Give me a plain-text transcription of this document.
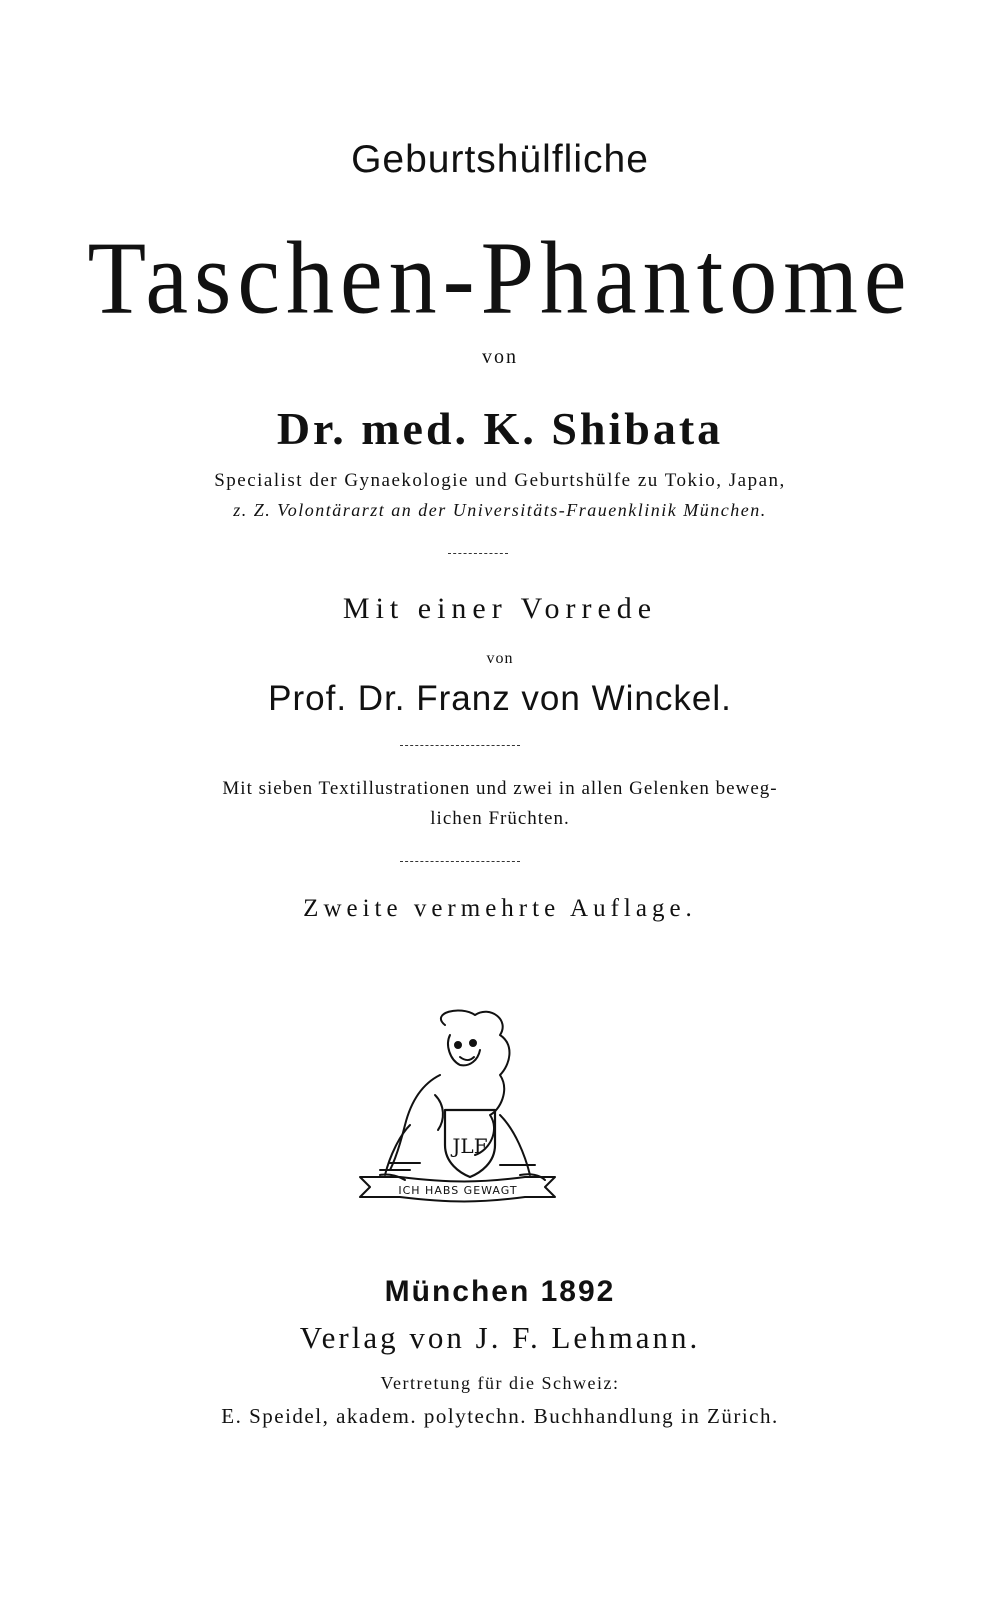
Geburtshülfliche
Taschen-Phantome
von
Dr. med. K. Shibata
Specialist der Gynaekologie und Geburtshülfe zu Tokio, Japan,
z. Z. Volontärarzt an der Universitäts-Frauenklinik München.
Mit einer Vorrede
von
Prof. Dr. Franz von Winckel.
Mit sieben Textillustrationen und zwei in allen Gelenken beweg-
lichen Früchten.
Zweite vermehrte Auflage.
JLF
ICH HABS GEWAGT
München 1892
Verlag von J. F. Lehmann.
Vertretung für die Schweiz:
E. Speidel, akadem. polytechn. Buchhandlung in Zürich.
